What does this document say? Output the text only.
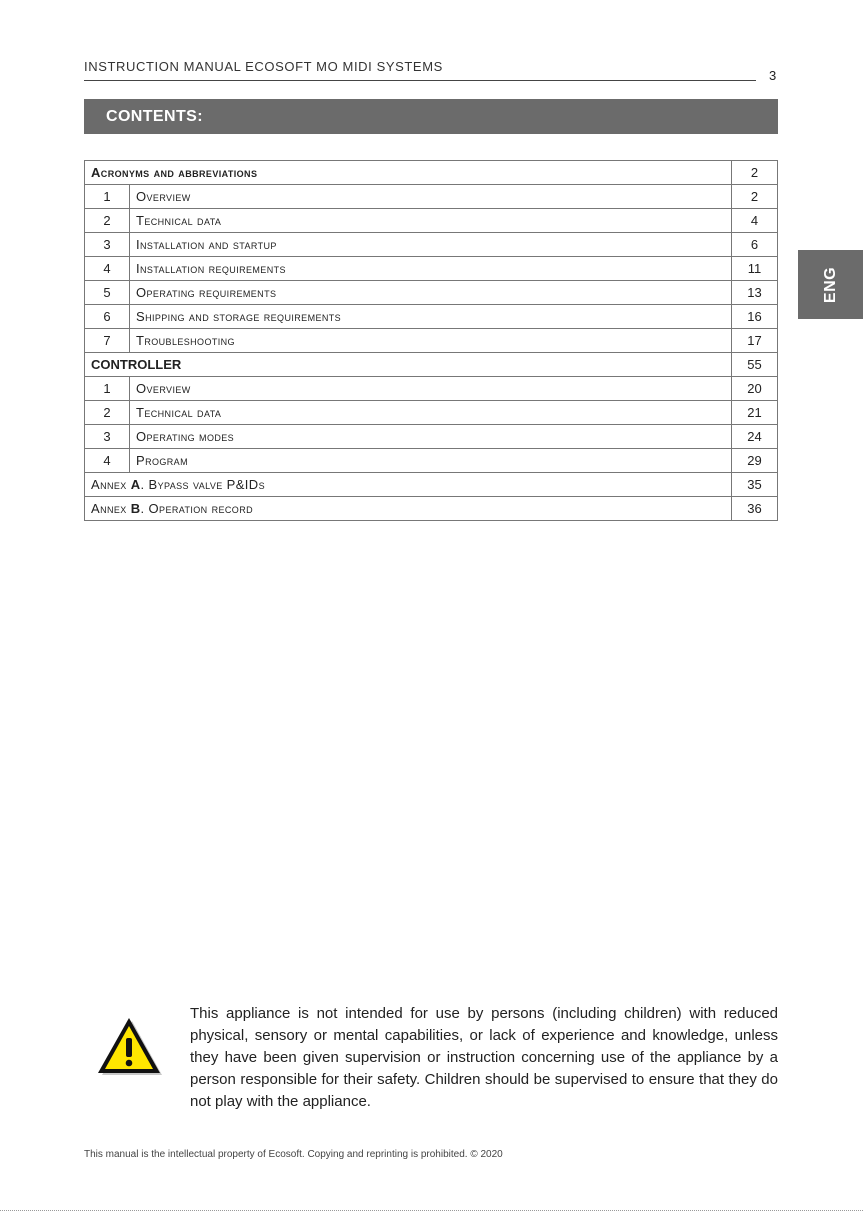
INSTRUCTION MANUAL ECOSOFT MO MIDI SYSTEMS
3
CONTENTS:
ENG
Acronyms and abbreviations		2
1	Overview	2
2	Technical data	4
3	Installation and startup	6
4	Installation requirements	11
5	Operating requirements	13
6	Shipping and storage requirements	16
7	Troubleshooting	17
CONTROLLER		55
1	Overview	20
2	Technical data	21
3	Operating modes	24
4	Program	29
Annex A. Bypass valve P&IDs		35
Annex B. Operation record		36
This appliance is not intended for use by persons (including children) with reduced physical, sensory or mental capabilities, or lack of experience and knowledge, unless they have been given supervision or instruction concerning use of the appliance by a person responsible for their safety. Children should be supervised to ensure that they do not play with the appliance.
This manual is the intellectual property of Ecosoft. Copying and reprinting is prohibited. © 2020
